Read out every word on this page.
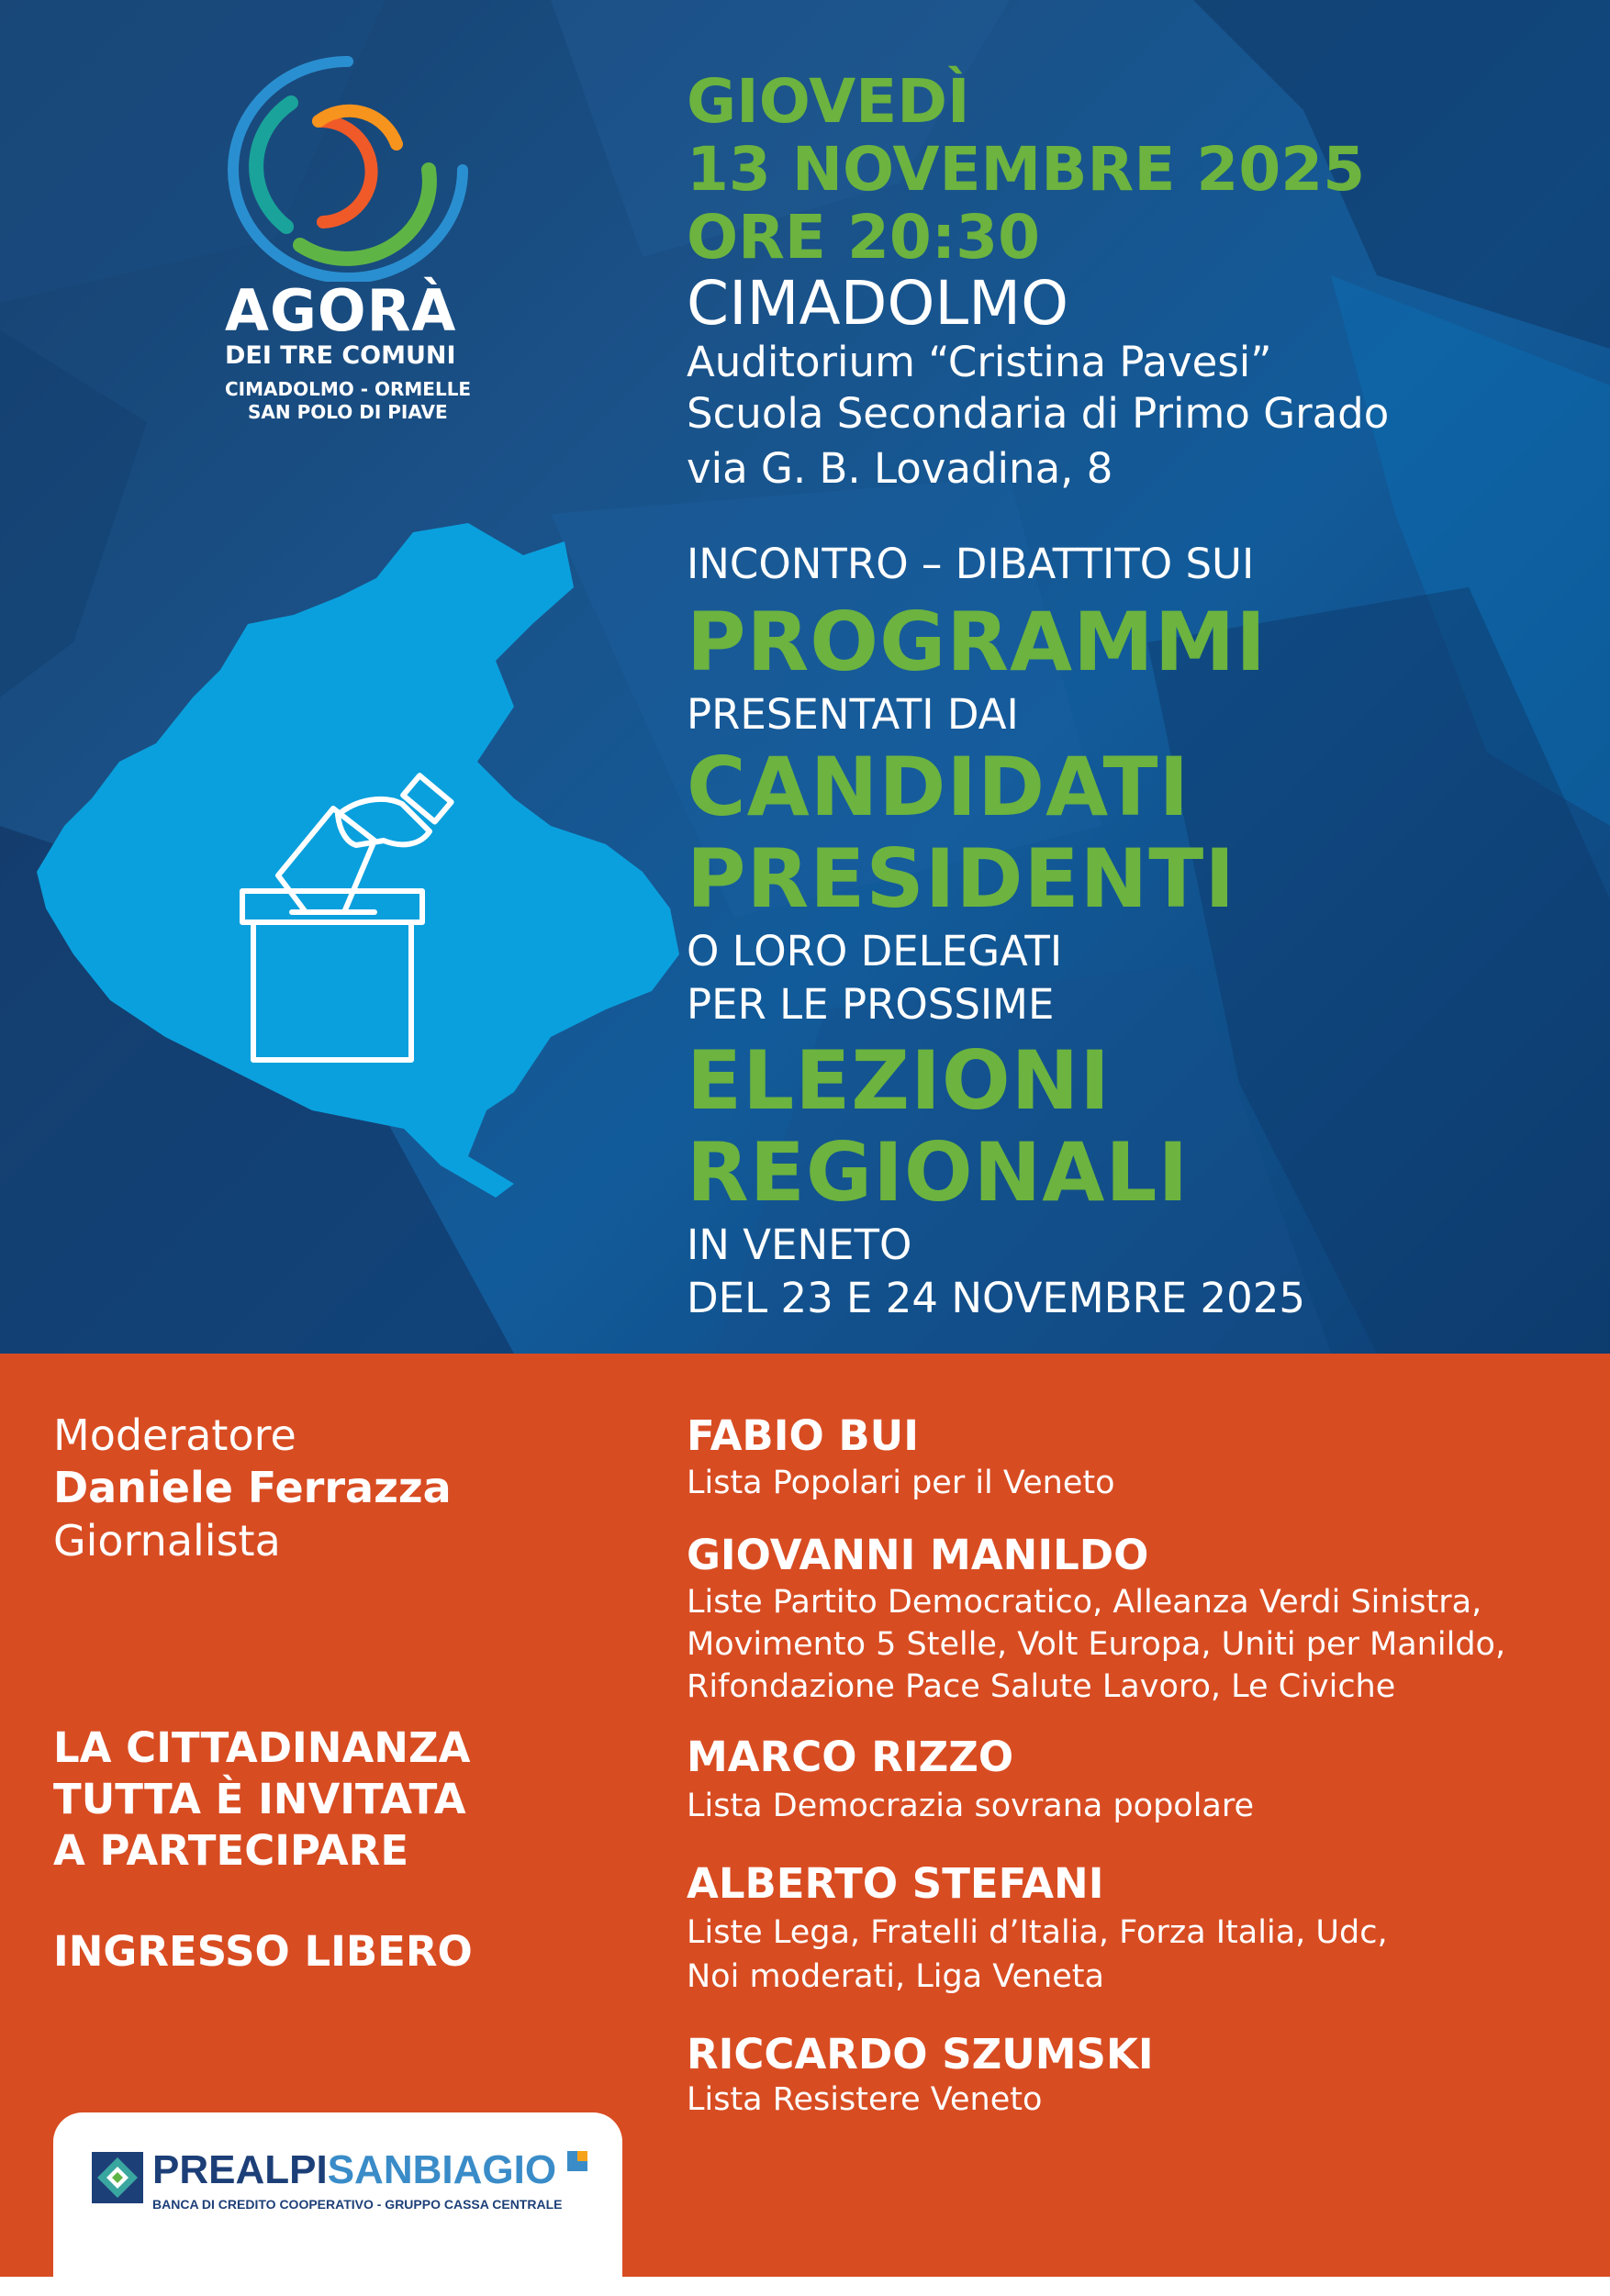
AGORÀ
DEI TRE COMUNI
CIMADOLMO - ORMELLE
SAN POLO DI PIAVE
GIOVEDÌ
13 NOVEMBRE 2025
ORE 20:30
CIMADOLMO
Auditorium “Cristina Pavesi”
Scuola Secondaria di Primo Grado
via G. B. Lovadina, 8
INCONTRO – DIBATTITO SUI
PROGRAMMI
PRESENTATI DAI
CANDIDATI
PRESIDENTI
O LORO DELEGATI
PER LE PROSSIME
ELEZIONI
REGIONALI
IN VENETO
DEL 23 E 24 NOVEMBRE 2025
Moderatore
Daniele Ferrazza
Giornalista
LA CITTADINANZA
TUTTA È INVITATA
A PARTECIPARE
INGRESSO LIBERO
FABIO BUI
Lista Popolari per il Veneto
GIOVANNI MANILDO
Liste Partito Democratico, Alleanza Verdi Sinistra,
Movimento 5 Stelle, Volt Europa, Uniti per Manildo,
Rifondazione Pace Salute Lavoro, Le Civiche
MARCO RIZZO
Lista Democrazia sovrana popolare
ALBERTO STEFANI
Liste Lega, Fratelli d’Italia, Forza Italia, Udc,
Noi moderati, Liga Veneta
RICCARDO SZUMSKI
Lista Resistere Veneto
PREALPISANBIAGIO
BANCA DI CREDITO COOPERATIVO - GRUPPO CASSA CENTRALE
